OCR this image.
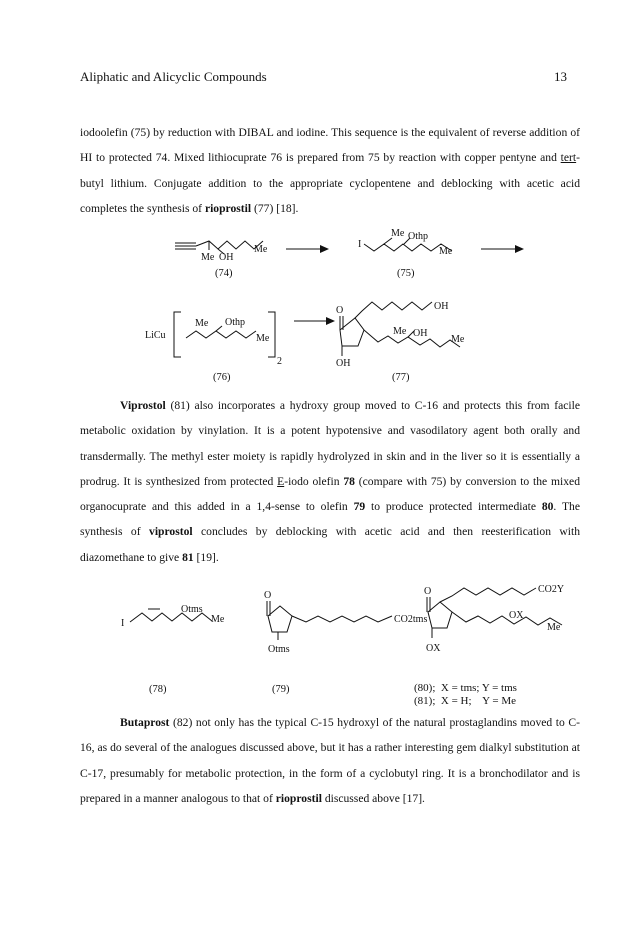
Aliphatic and Alicyclic Compounds	13

iodoolefin (75) by reduction with DIBAL and iodine. This sequence is the equivalent of reverse addition of HI to protected 74. Mixed lithiocuprate 76 is prepared from 75 by reaction with copper pentyne and tert-butyl lithium. Conjugate addition to the appropriate cyclopentene and deblocking with acetic acid completes the synthesis of rioprostil (77) [18].

Me
Me OH
(74)
I
Me Othp
Me
(75)
LiCu
Me Othp
Me
2
(76)
O	OH
Me OH
Me
OH
(77)
I
Otms
Me
(78)
O
CO2tms
Otms
(79)
O	CO2Y
OX
Me
OX

Viprostol (81) also incorporates a hydroxy group moved to C-16 and protects this from facile metabolic oxidation by vinylation. It is a potent hypotensive and vasodilatory agent both orally and transdermally. The methyl ester moiety is rapidly hydrolyzed in skin and in the liver so it is essentially a prodrug. It is synthesized from protected E-iodo olefin 78 (compare with 75) by conversion to the mixed organocuprate and this added in a 1,4-sense to olefin 79 to produce protected intermediate 80. The synthesis of viprostol concludes by deblocking with acetic acid and then reesterification with diazomethane to give 81 [19].

(80);  X = tms; Y = tms
(81);  X = H;    Y = Me

Butaprost (82) not only has the typical C-15 hydroxyl of the natural prostaglandins moved to C-16, as do several of the analogues discussed above, but it has a rather interesting gem dialkyl substitution at C-17, presumably for metabolic protection, in the form of a cyclobutyl ring. It is a bronchodilator and is prepared in a manner analogous to that of rioprostil discussed above [17].
